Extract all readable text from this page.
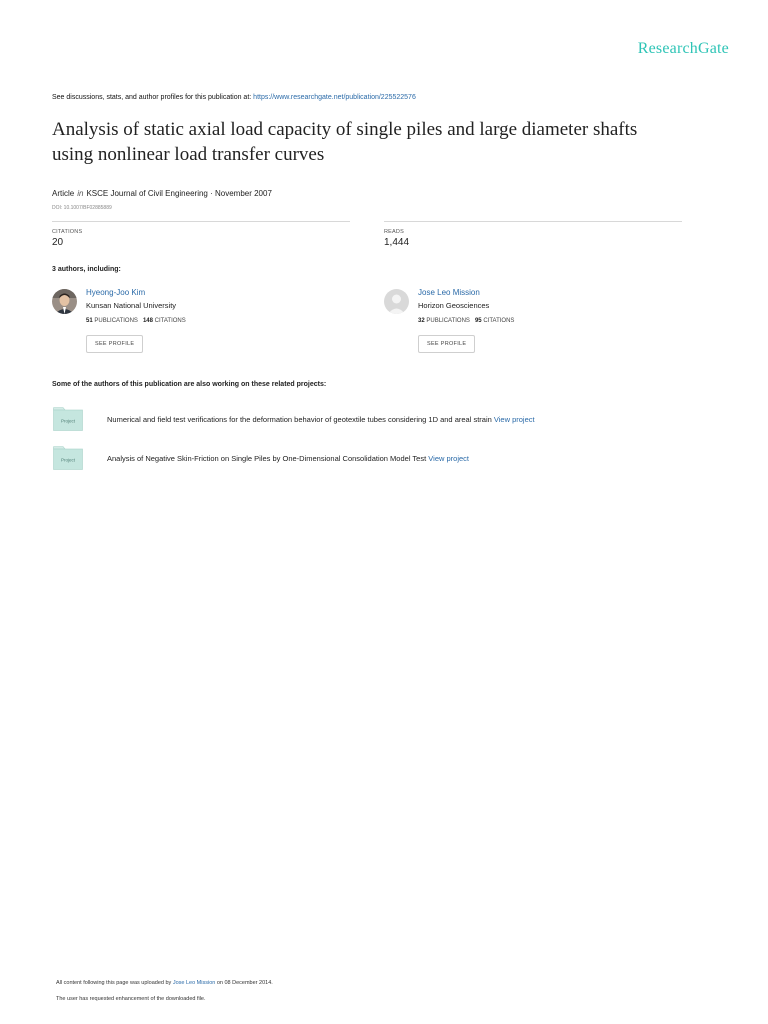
ResearchGate
See discussions, stats, and author profiles for this publication at: https://www.researchgate.net/publication/225522576
Analysis of static axial load capacity of single piles and large diameter shafts
using nonlinear load transfer curves
Article in KSCE Journal of Civil Engineering · November 2007
DOI: 10.1007/BF02885889
CITATIONS
20
READS
1,444
3 authors, including:
Hyeong-Joo Kim
Kunsan National University
51 PUBLICATIONS 148 CITATIONS
SEE PROFILE
Jose Leo Mission
Horizon Geosciences
32 PUBLICATIONS 95 CITATIONS
SEE PROFILE
Some of the authors of this publication are also working on these related projects:
Project	Numerical and field test verifications for the deformation behavior of geotextile tubes considering 1D and areal strain View project
Project	Analysis of Negative Skin-Friction on Single Piles by One-Dimensional Consolidation Model Test View project
All content following this page was uploaded by Jose Leo Mission on 08 December 2014.
The user has requested enhancement of the downloaded file.
